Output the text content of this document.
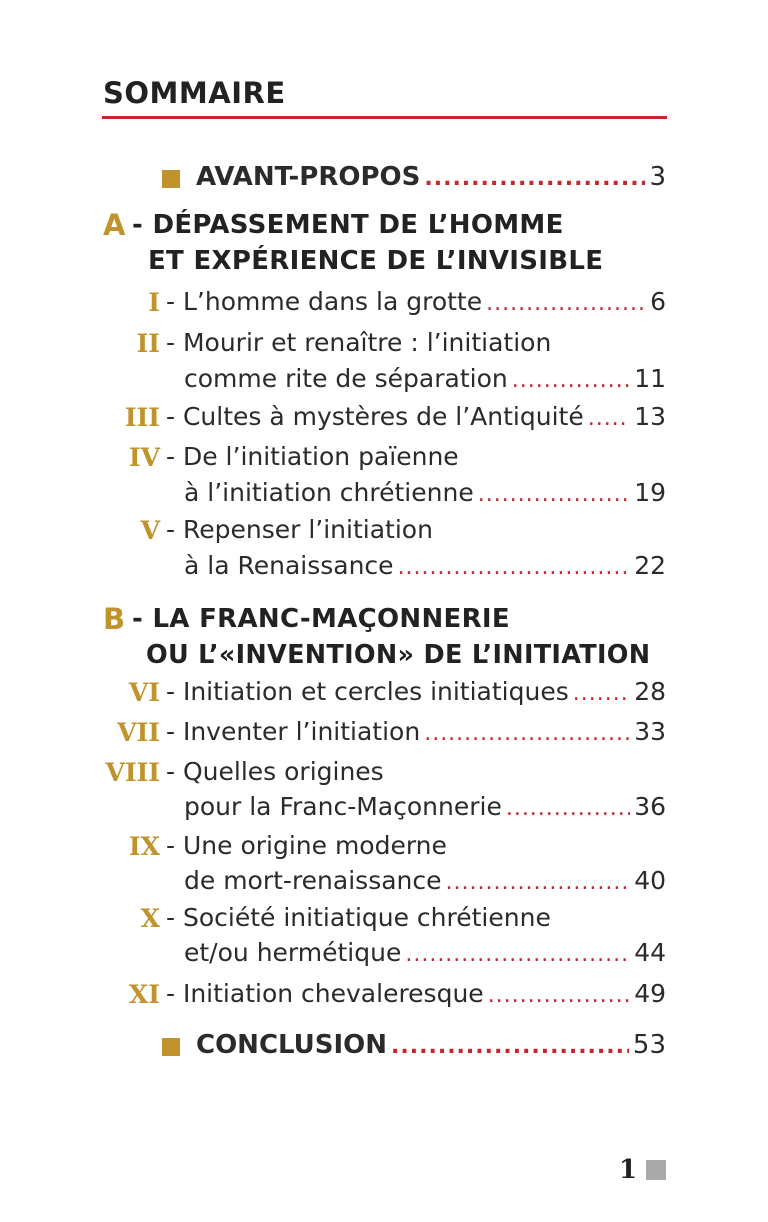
SOMMAIRE
AVANT-PROPOS .....	3
A - DÉPASSEMENT DE L’HOMME
ET EXPÉRIENCE DE L’INVISIBLE
I - L’homme dans la grotte .....	6
II - Mourir et renaître : l’initiation
comme rite de séparation .....	11
III - Cultes à mystères de l’Antiquité ..... 13
IV - De l’initiation païenne
à l’initiation chrétienne .....	19
V - Repenser l’initiation
à la Renaissance .....	22
B - LA FRANC-MAÇONNERIE
OU L’«INVENTION» DE L’INITIATION
VI - Initiation et cercles initiatiques .....	28
VII - Inventer l’initiation .....	33
VIII - Quelles origines
pour la Franc-Maçonnerie .....	36
IX - Une origine moderne
de mort-renaissance .....	40
X - Société initiatique chrétienne
et/ou hermétique .....	44
XI - Initiation chevaleresque .....	49
CONCLUSION .....	53
1
